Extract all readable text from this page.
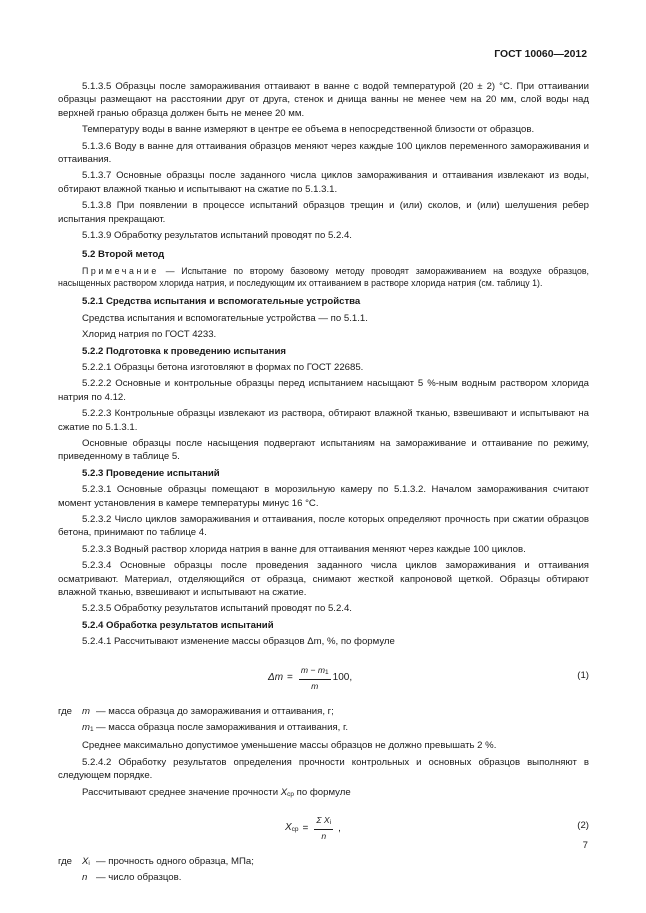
ГОСТ 10060—2012

5.1.3.5 Образцы после замораживания оттаивают в ванне с водой температурой (20 ± 2) °С. При оттаивании образцы размещают на расстоянии друг от друга, стенок и днища ванны не менее чем на 20 мм, слой воды над верхней гранью образца должен быть не менее 20 мм.

Температуру воды в ванне измеряют в центре ее объема в непосредственной близости от образцов.

5.1.3.6 Воду в ванне для оттаивания образцов меняют через каждые 100 циклов переменного замораживания и оттаивания.

5.1.3.7 Основные образцы после заданного числа циклов замораживания и оттаивания извлекают из воды, обтирают влажной тканью и испытывают на сжатие по 5.1.3.1.

5.1.3.8 При появлении в процессе испытаний образцов трещин и (или) сколов, и (или) шелушения ребер испытания прекращают.

5.1.3.9 Обработку результатов испытаний проводят по 5.2.4.

5.2 Второй метод

Примечание — Испытание по второму базовому методу проводят замораживанием на воздухе образцов, насыщенных раствором хлорида натрия, и последующим их оттаиванием в растворе хлорида натрия (см. таблицу 1).

5.2.1 Средства испытания и вспомогательные устройства

Средства испытания и вспомогательные устройства — по 5.1.1.

Хлорид натрия по ГОСТ 4233.

5.2.2 Подготовка к проведению испытания

5.2.2.1 Образцы бетона изготовляют в формах по ГОСТ 22685.

5.2.2.2 Основные и контрольные образцы перед испытанием насыщают 5 %-ным водным раствором хлорида натрия по 4.12.

5.2.2.3 Контрольные образцы извлекают из раствора, обтирают влажной тканью, взвешивают и испытывают на сжатие по 5.1.3.1.

Основные образцы после насыщения подвергают испытаниям на замораживание и оттаивание по режиму, приведенному в таблице 5.

5.2.3 Проведение испытаний

5.2.3.1 Основные образцы помещают в морозильную камеру по 5.1.3.2. Началом замораживания считают момент установления в камере температуры минус 16 °С.

5.2.3.2 Число циклов замораживания и оттаивания, после которых определяют прочность при сжатии образцов бетона, принимают по таблице 4.

5.2.3.3 Водный раствор хлорида натрия в ванне для оттаивания меняют через каждые 100 циклов.

5.2.3.4 Основные образцы после проведения заданного числа циклов замораживания и оттаивания осматривают. Материал, отделяющийся от образца, снимают жесткой капроновой щеткой. Образцы обтирают влажной тканью, взвешивают и испытывают на сжатие.

5.2.3.5 Обработку результатов испытаний проводят по 5.2.4.

5.2.4 Обработка результатов испытаний

5.2.4.1 Рассчитывают изменение массы образцов Δm, %, по формуле

$\Delta m = \frac{m - m_1}{m} 100$,	(1)
где	m — масса образца до замораживания и оттаивания, г;
$m_1$ — масса образца после замораживания и оттаивания, г.

Среднее максимально допустимое уменьшение массы образцов не должно превышать 2 %.

5.2.4.2 Обработку результатов определения прочности контрольных и основных образцов выполняют в следующем порядке.

Рассчитывают среднее значение прочности $X_{ср}$ по формуле

$X_{ср} = \frac{\Sigma X_i}{n}$ ,	(2)
где	$X_i$ — прочность одного образца, МПа;
n — число образцов.
7
